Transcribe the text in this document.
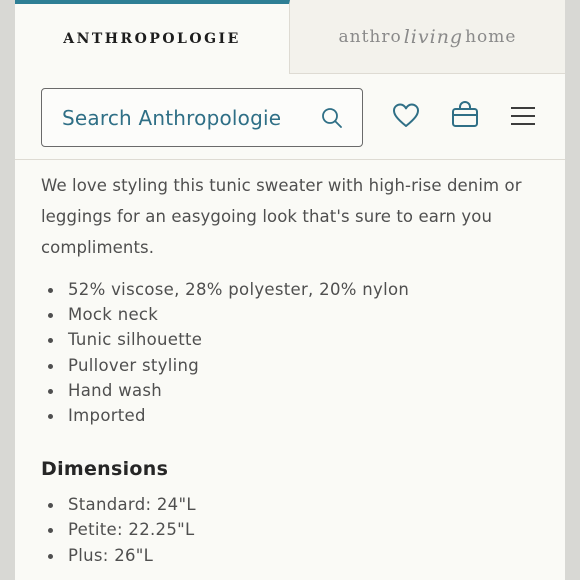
ANTHROPOLOGIE	anthro living home
Search Anthropologie

We love styling this tunic sweater with high-rise denim or leggings for an easygoing look that's sure to earn you compliments.

52% viscose, 28% polyester, 20% nylon
Mock neck
Tunic silhouette
Pullover styling
Hand wash
Imported
Dimensions
Standard: 24"L
Petite: 22.25"L
Plus: 26"L
